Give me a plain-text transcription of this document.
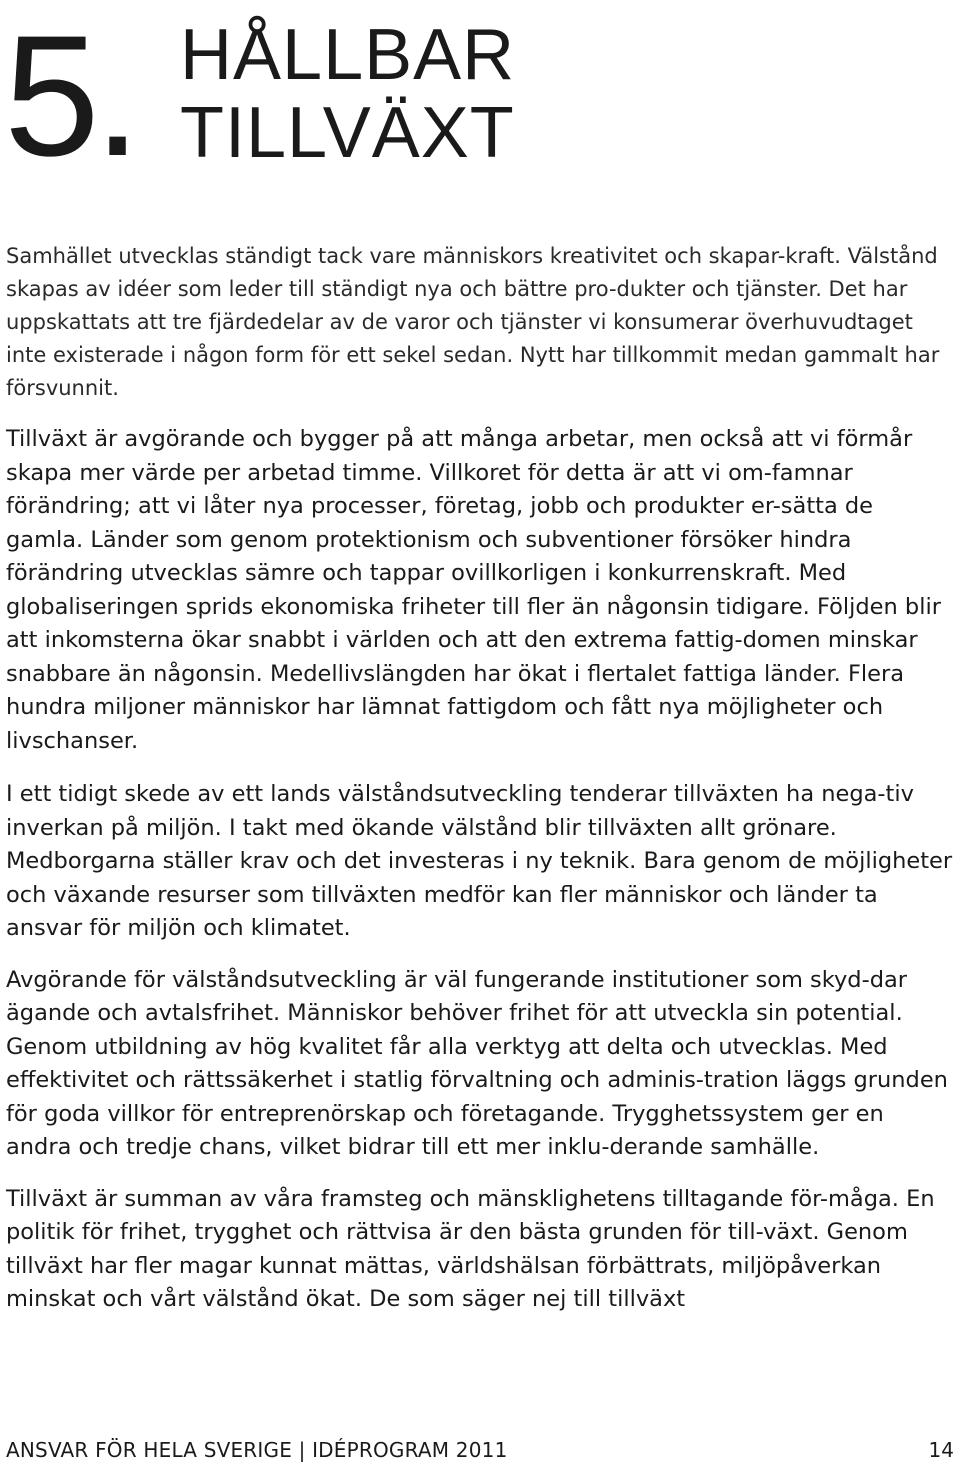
5. HÅLLBAR
TILLVÄXT

Samhället utvecklas ständigt tack vare människors kreativitet och skapar-kraft. Välstånd skapas av idéer som leder till ständigt nya och bättre pro-dukter och tjänster. Det har uppskattats att tre fjärdedelar av de varor och tjänster vi konsumerar överhuvudtaget inte existerade i någon form för ett sekel sedan. Nytt har tillkommit medan gammalt har försvunnit.

Tillväxt är avgörande och bygger på att många arbetar, men också att vi förmår skapa mer värde per arbetad timme. Villkoret för detta är att vi om-famnar förändring; att vi låter nya processer, företag, jobb och produkter er-sätta de gamla. Länder som genom protektionism och subventioner försöker hindra förändring utvecklas sämre och tappar ovillkorligen i konkurrenskraft. Med globaliseringen sprids ekonomiska friheter till fler än någonsin tidigare. Följden blir att inkomsterna ökar snabbt i världen och att den extrema fattig-domen minskar snabbare än någonsin. Medellivslängden har ökat i flertalet fattiga länder. Flera hundra miljoner människor har lämnat fattigdom och fått nya möjligheter och livschanser.

I ett tidigt skede av ett lands välståndsutveckling tenderar tillväxten ha nega-tiv inverkan på miljön. I takt med ökande välstånd blir tillväxten allt grönare. Medborgarna ställer krav och det investeras i ny teknik. Bara genom de möjligheter och växande resurser som tillväxten medför kan fler människor och länder ta ansvar för miljön och klimatet.

Avgörande för välståndsutveckling är väl fungerande institutioner som skyd-dar ägande och avtalsfrihet. Människor behöver frihet för att utveckla sin potential. Genom utbildning av hög kvalitet får alla verktyg att delta och utvecklas. Med effektivitet och rättssäkerhet i statlig förvaltning och adminis-tration läggs grunden för goda villkor för entreprenörskap och företagande. Trygghetssystem ger en andra och tredje chans, vilket bidrar till ett mer inklu-derande samhälle.

Tillväxt är summan av våra framsteg och mänsklighetens tilltagande för-måga. En politik för frihet, trygghet och rättvisa är den bästa grunden för till-växt. Genom tillväxt har fler magar kunnat mättas, världshälsan förbättrats, miljöpåverkan minskat och vårt välstånd ökat. De som säger nej till tillväxt

ANSVAR FÖR HELA SVERIGE | IDÉPROGRAM 2011	14
